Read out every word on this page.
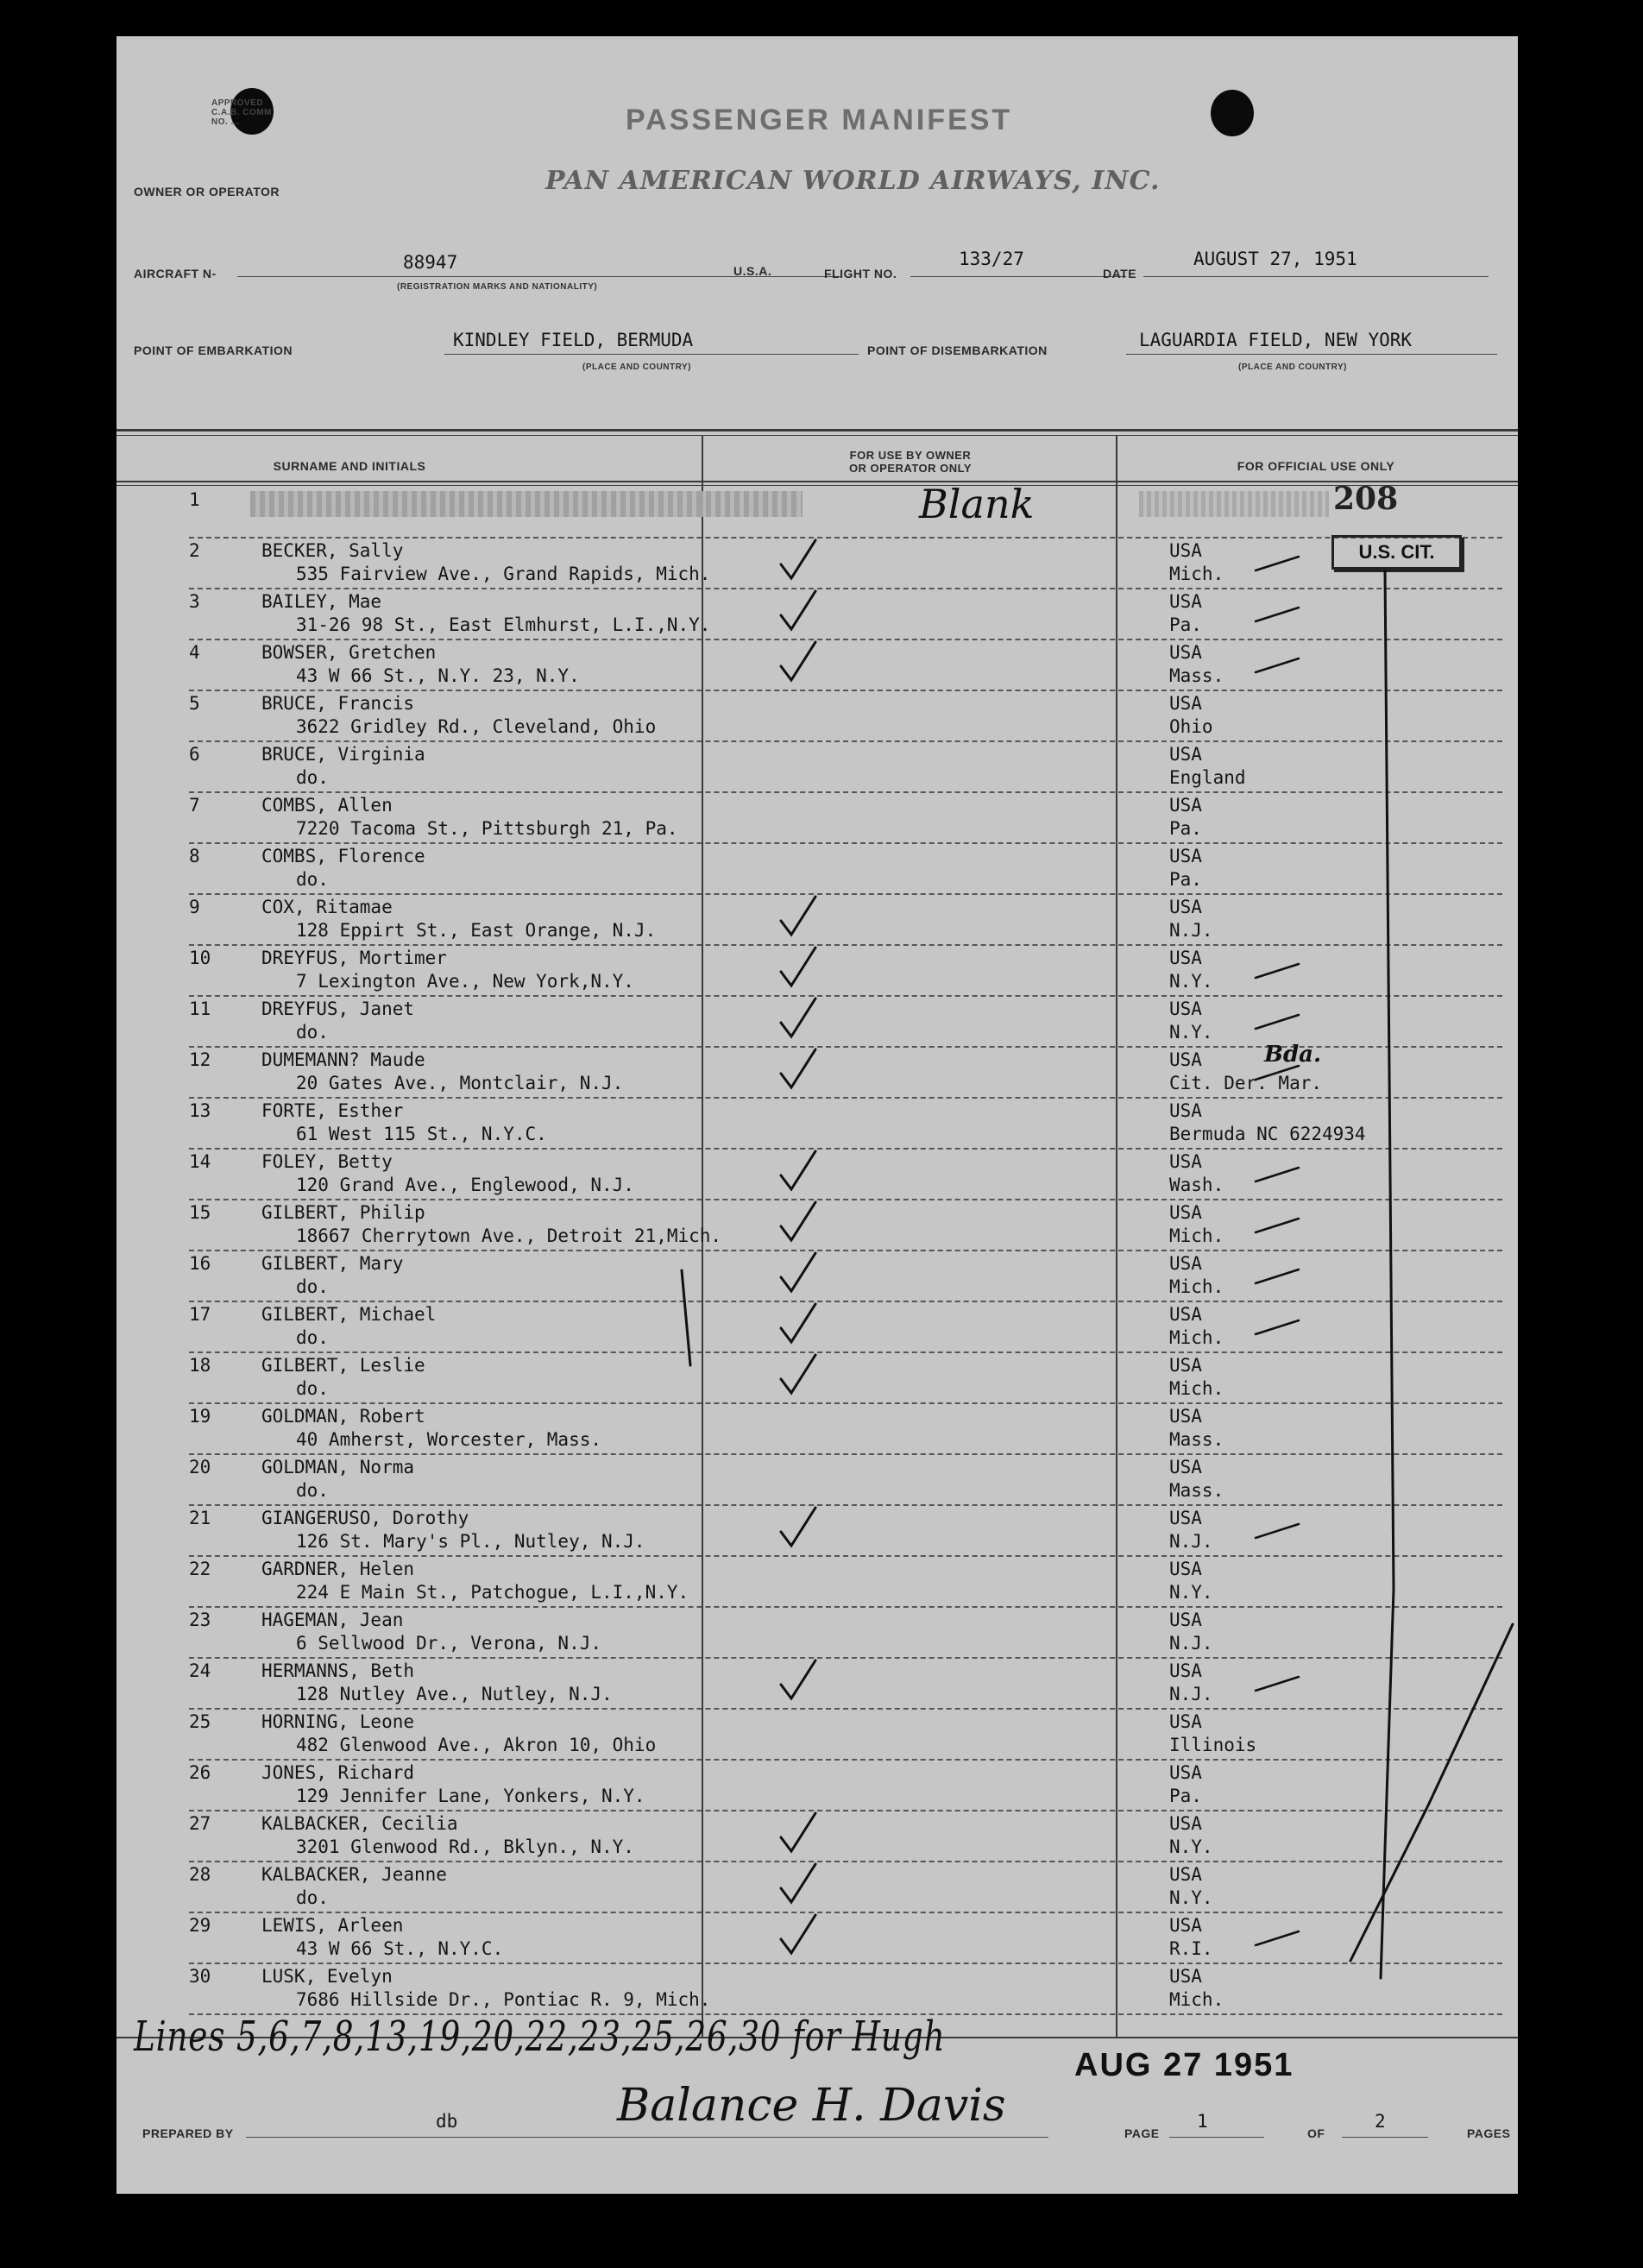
APPROVED
C.A.B. COMM
NO. ...	PASSENGER MANIFEST
OWNER OR OPERATOR	PAN AMERICAN WORLD AIRWAYS, INC.
AIRCRAFT N-
88947
(REGISTRATION MARKS AND NATIONALITY)
U.S.A.	FLIGHT NO.
133/27
DATE
AUGUST 27, 1951
POINT OF EMBARKATION	KINDLEY FIELD, BERMUDA
(PLACE AND COUNTRY)
POINT OF DISEMBARKATION	LAGUARDIA FIELD, NEW YORK
(PLACE AND COUNTRY)
SURNAME AND INITIALS
FOR USE BY OWNER
OR OPERATOR ONLY	FOR OFFICIAL USE ONLY
1
2	BECKER, Sally
535 Fairview Ave., Grand Rapids, Mich.
USA
Mich.
3	BAILEY, Mae
31-26 98 St., East Elmhurst, L.I.,N.Y.
USA
Pa.
4	BOWSER, Gretchen
43 W 66 St., N.Y. 23, N.Y.
USA
Mass.
5	BRUCE, Francis
3622 Gridley Rd., Cleveland, Ohio
USA
Ohio
6	BRUCE, Virginia
do.
USA
England
7	COMBS, Allen
7220 Tacoma St., Pittsburgh 21, Pa.
USA
Pa.
8	COMBS, Florence
do.
USA
Pa.
9	COX, Ritamae
128 Eppirt St., East Orange, N.J.
USA
N.J.
10	DREYFUS, Mortimer
7 Lexington Ave., New York,N.Y.
USA
N.Y.
11	DREYFUS, Janet
do.
USA
N.Y.
12	DUMEMANN? Maude
20 Gates Ave., Montclair, N.J.
USA
Cit. Der. Mar.
13	FORTE, Esther
61 West 115 St., N.Y.C.
USA
Bermuda NC 6224934
14	FOLEY, Betty
120 Grand Ave., Englewood, N.J.
USA
Wash.
15	GILBERT, Philip
18667 Cherrytown Ave., Detroit 21,Mich.
USA
Mich.
16	GILBERT, Mary
do.
USA
Mich.
17	GILBERT, Michael
do.
USA
Mich.
18	GILBERT, Leslie
do.
USA
Mich.
19	GOLDMAN, Robert
40 Amherst, Worcester, Mass.
USA
Mass.
20	GOLDMAN, Norma
do.
USA
Mass.
21	GIANGERUSO, Dorothy
126 St. Mary's Pl., Nutley, N.J.
USA
N.J.
22	GARDNER, Helen
224 E Main St., Patchogue, L.I.,N.Y.
USA
N.Y.
23	HAGEMAN, Jean
6 Sellwood Dr., Verona, N.J.
USA
N.J.
24	HERMANNS, Beth
128 Nutley Ave., Nutley, N.J.
USA
N.J.
25	HORNING, Leone
482 Glenwood Ave., Akron 10, Ohio
USA
Illinois
26	JONES, Richard
129 Jennifer Lane, Yonkers, N.Y.
USA
Pa.
27	KALBACKER, Cecilia
3201 Glenwood Rd., Bklyn., N.Y.
USA
N.Y.
28	KALBACKER, Jeanne
do.
USA
N.Y.
29	LEWIS, Arleen
43 W 66 St., N.Y.C.
USA
R.I.
30	LUSK, Evelyn
7686 Hillside Dr., Pontiac R. 9, Mich.
USA
Mich.
Blank	208
U.S. CIT.
Bda.
Lines 5,6,7,8,13,19,20,22,23,25,26,30 for Hugh
Balance H. Davis
AUG 27 1951
PREPARED BY
db
PAGE
1
OF
2
PAGES
